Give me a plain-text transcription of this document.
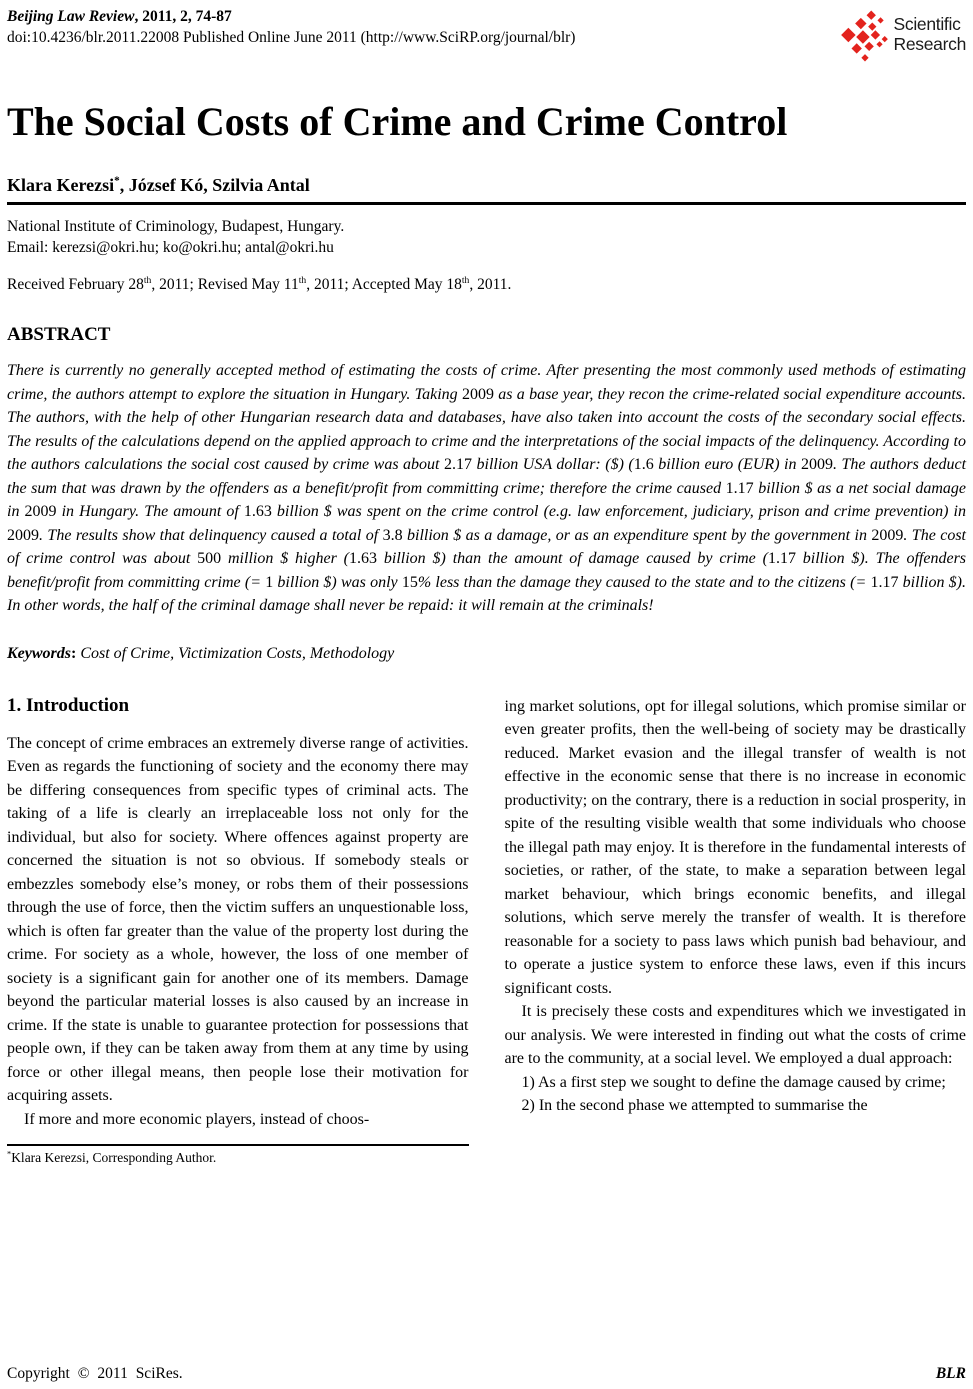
Beijing Law Review, 2011, 2, 74-87

doi:10.4236/blr.2011.22008 Published Online June 2011 (http://www.SciRP.org/journal/blr)

Scientific
Research
The Social Costs of Crime and Crime Control

Klara Kerezsi*, József Kó, Szilvia Antal

National Institute of Criminology, Budapest, Hungary.

Email: kerezsi@okri.hu; ko@okri.hu; antal@okri.hu

Received February 28th, 2011; Revised May 11th, 2011; Accepted May 18th, 2011.

ABSTRACT

There is currently no generally accepted method of estimating the costs of crime. After presenting the most commonly used methods of estimating crime, the authors attempt to explore the situation in Hungary. Taking 2009 as a base year, they recon the crime-related social expenditure accounts. The authors, with the help of other Hungarian research data and databases, have also taken into account the costs of the secondary social effects. The results of the calculations depend on the applied approach to crime and the interpretations of the social impacts of the delinquency. According to the authors calculations the social cost caused by crime was about 2.17 billion USA dollar: ($) (1.6 billion euro (EUR) in 2009. The authors deduct the sum that was drawn by the offenders as a benefit/profit from committing crime; therefore the crime caused 1.17 billion $ as a net social damage in 2009 in Hungary. The amount of 1.63 billion $ was spent on the crime control (e.g. law enforcement, judiciary, prison and crime prevention) in 2009. The results show that delinquency caused a total of 3.8 billion $ as a damage, or as an expenditure spent by the government in 2009. The cost of crime control was about 500 million $ higher (1.63 billion $) than the amount of damage caused by crime (1.17 billion $). The offenders benefit/profit from committing crime (= 1 billion $) was only 15% less than the damage they caused to the state and to the citizens (= 1.17 billion $). In other words, the half of the criminal damage shall never be repaid: it will remain at the criminals!

Keywords: Cost of Crime, Victimization Costs, Methodology

1. Introduction

The concept of crime embraces an extremely diverse range of activities. Even as regards the functioning of society and the economy there may be differing consequences from specific types of criminal acts. The taking of a life is clearly an irreplaceable loss not only for the individual, but also for society. Where offences against property are concerned the situation is not so obvious. If somebody steals or embezzles somebody else’s money, or robs them of their possessions through the use of force, then the victim suffers an unquestionable loss, which is often far greater than the value of the property lost during the crime. For society as a whole, however, the loss of one member of society is a significant gain for another one of its members. Damage beyond the particular material losses is also caused by an increase in crime. If the state is unable to guarantee protection for possessions that people own, if they can be taken away from them at any time by using force or other illegal means, then people lose their motivation for acquiring assets.

If more and more economic players, instead of choos-

*Klara Kerezsi, Corresponding Author.

ing market solutions, opt for illegal solutions, which promise similar or even greater profits, then the well-being of society may be drastically reduced. Market evasion and the illegal transfer of wealth is not effective in the economic sense that there is no increase in economic productivity; on the contrary, there is a reduction in social prosperity, in spite of the resulting visible wealth that some individuals who choose the illegal path may enjoy. It is therefore in the fundamental interests of societies, or rather, of the state, to make a separation between legal market behaviour, which brings economic benefits, and illegal solutions, which serve merely the transfer of wealth. It is therefore reasonable for a society to pass laws which punish bad behaviour, and to operate a justice system to enforce these laws, even if this incurs significant costs.

It is precisely these costs and expenditures which we investigated in our analysis. We were interested in finding out what the costs of crime are to the community, at a social level. We employed a dual approach:

1) As a first step we sought to define the damage caused by crime;

2) In the second phase we attempted to summarise the

Copyright © 2011 SciRes.	BLR
